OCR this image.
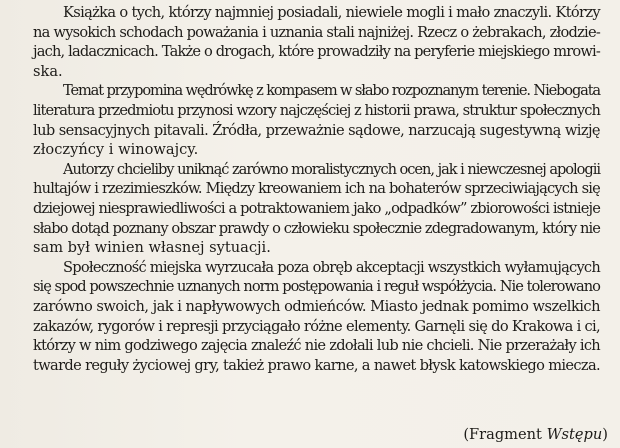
Książka o tych, którzy najmniej posiadali, niewiele mogli i mało znaczyli. Którzy
na wysokich schodach poważania i uznania stali najniżej. Rzecz o żebrakach, złodzie-
jach, ladacznicach. Także o drogach, które prowadziły na peryferie miejskiego mrowi-
ska.
Temat przypomina wędrówkę z kompasem w słabo rozpoznanym terenie. Niebogata
literatura przedmiotu przynosi wzory najczęściej z historii prawa, struktur społecznych
lub sensacyjnych pitavali. Źródła, przeważnie sądowe, narzucają sugestywną wizję
złoczyńcy i winowajcy.
Autorzy chcieliby uniknąć zarówno moralistycznych ocen, jak i niewczesnej apologii
hultajów i rzezimieszków. Między kreowaniem ich na bohaterów sprzeciwiających się
dziejowej niesprawiedliwości a potraktowaniem jako „odpadków” zbiorowości istnieje
słabo dotąd poznany obszar prawdy o człowieku społecznie zdegradowanym, który nie
sam był winien własnej sytuacji.
Społeczność miejska wyrzucała poza obręb akceptacji wszystkich wyłamujących
się spod powszechnie uznanych norm postępowania i reguł współżycia. Nie tolerowano
zarówno swoich, jak i napływowych odmieńców. Miasto jednak pomimo wszelkich
zakazów, rygorów i represji przyciągało różne elementy. Garnęli się do Krakowa i ci,
którzy w nim godziwego zajęcia znaleźć nie zdołali lub nie chcieli. Nie przerażały ich
twarde reguły życiowej gry, takież prawo karne, a nawet błysk katowskiego miecza.
(Fragment Wstępu)
